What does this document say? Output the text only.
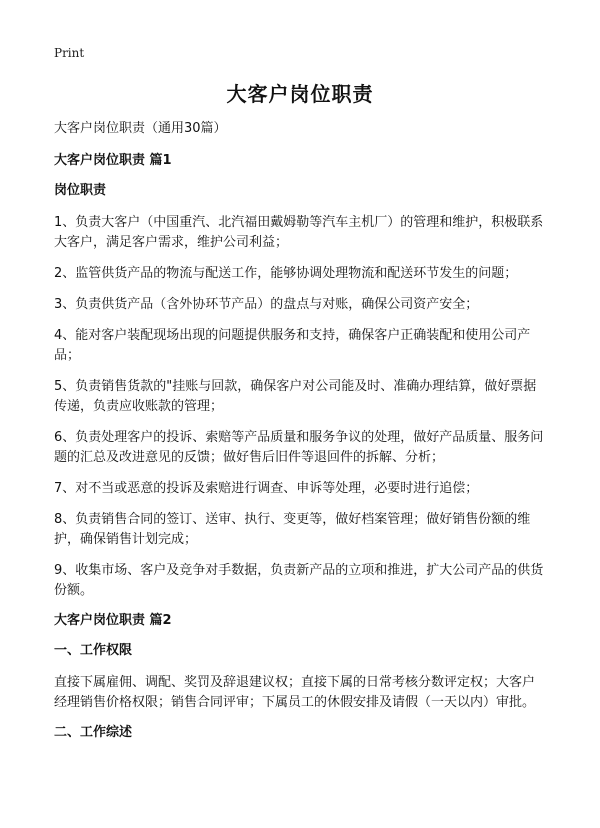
Print
大客户岗位职责
大客户岗位职责（通用30篇）
大客户岗位职责 篇1
岗位职责
1、负责大客户（中国重汽、北汽福田戴姆勒等汽车主机厂）的管理和维护，积极联系大客户，满足客户需求，维护公司利益；
2、监管供货产品的物流与配送工作，能够协调处理物流和配送环节发生的问题；
3、负责供货产品（含外协环节产品）的盘点与对账，确保公司资产安全；
4、能对客户装配现场出现的问题提供服务和支持，确保客户正确装配和使用公司产品；
5、负责销售货款的"挂账与回款，确保客户对公司能及时、准确办理结算，做好票据传递，负责应收账款的管理；
6、负责处理客户的投诉、索赔等产品质量和服务争议的处理，做好产品质量、服务问题的汇总及改进意见的反馈；做好售后旧件等退回件的拆解、分析；
7、对不当或恶意的投诉及索赔进行调查、申诉等处理，必要时进行追偿；
8、负责销售合同的签订、送审、执行、变更等，做好档案管理；做好销售份额的维护，确保销售计划完成；
9、收集市场、客户及竞争对手数据，负责新产品的立项和推进，扩大公司产品的供货份额。
大客户岗位职责 篇2
一、工作权限
直接下属雇佣、调配、奖罚及辞退建议权；直接下属的日常考核分数评定权；大客户经理销售价格权限；销售合同评审；下属员工的休假安排及请假（一天以内）审批。
二、工作综述
